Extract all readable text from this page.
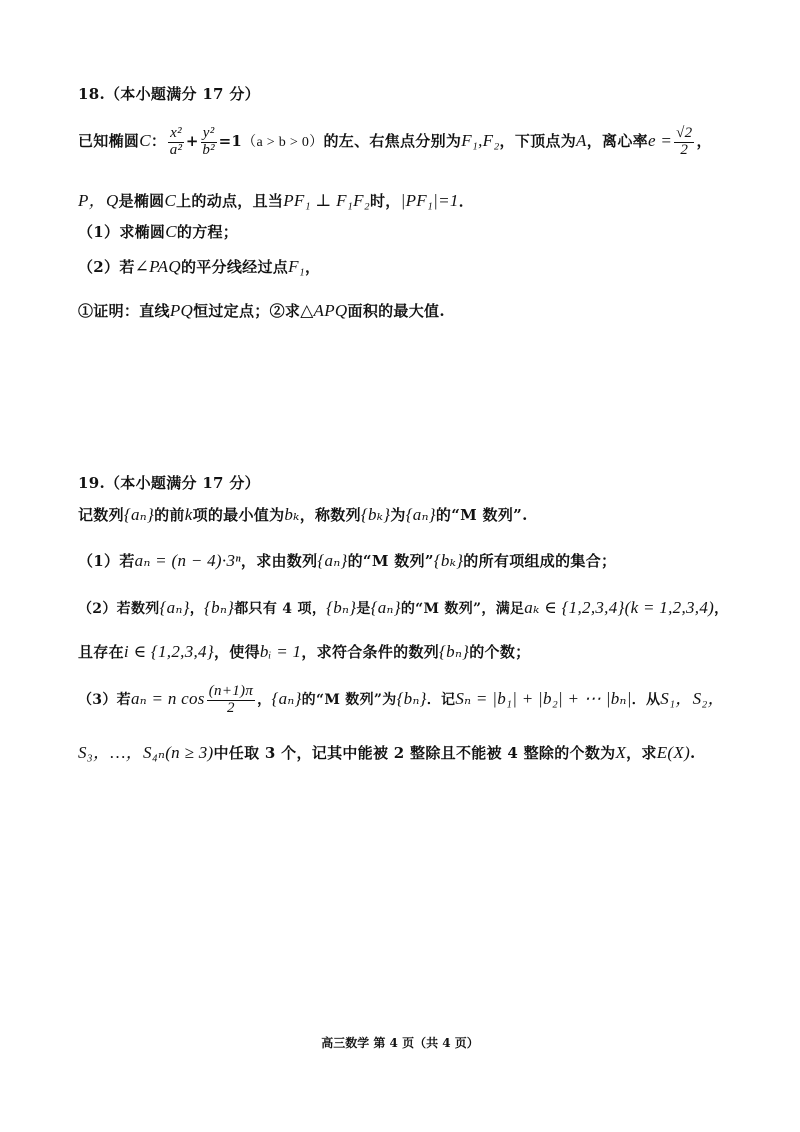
18.（本小题满分 17 分）
已知椭圆C： $\frac{\text{x²}}{\text{a²}} + \frac{\text{y²}}{\text{b²}} =1(a > b > 0)$的左、右焦点分别为F₁,F₂，下顶点为A，离心率$e = \frac{√2}{2}$ ，
P，Q是椭圆C上的动点，且当PF₁ ⊥ F₁F₂时，|PF₁|=1．
（1）求椭圆C的方程；
（2）若∠PAQ的平分线经过点F₁，
①证明：直线PQ恒过定点；②求△APQ面积的最大值.
19.（本小题满分 17 分）
记数列{aₙ}的前k项的最小值为bₖ，称数列{bₖ}为{aₙ}的“M 数列”.
（1）若aₙ = (n − 4)·3ⁿ，求由数列{aₙ}的“M 数列”{bₖ}的所有项组成的集合；
（2）若数列{aₙ}，{bₙ}都只有 4 项，{bₙ}是{aₙ}的“M 数列”，满足aₖ ∈ {1,2,3,4}(k = 1,2,3,4)，
且存在i ∈ {1,2,3,4}，使得bᵢ = 1，求符合条件的数列{bₙ}的个数；
（3）若aₙ = n $\cos \frac{(n+1)\pi}{2}$ ，{aₙ}的“M 数列”为{bₙ}．记Sₙ = |b₁| + |b₂| + ⋯ |bₙ|．从S₁，S₂，
S₃，…，S₄ₙ(n ≥ 3)中任取 3 个，记其中能被 2 整除且不能被 4 整除的个数为X，求E(X).
高三数学 第 4 页（共 4 页）
